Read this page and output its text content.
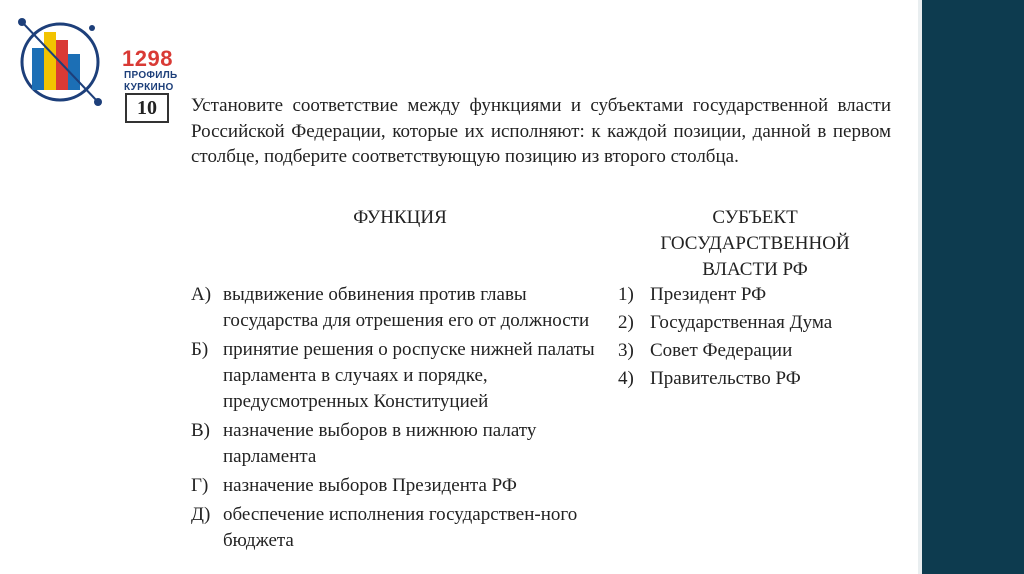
1298
ПРОФИЛЬ
КУРКИНО
10	Установите соответствие между функциями и субъектами государственной власти Российской Федерации, которые их исполняют: к каждой позиции, данной в первом столбце, подберите соответствующую позицию из второго столбца.
ФУНКЦИЯ	СУБЪЕКТ
ГОСУДАРСТВЕННОЙ
ВЛАСТИ РФ
А) выдвижение обвинения против главы государства для отрешения его от должности
Б) принятие решения о роспуске нижней палаты парламента в случаях и порядке, предусмотренных Конституцией
В) назначение выборов в нижнюю палату парламента
Г) назначение выборов Президента РФ
Д) обеспечение исполнения государствен-ного бюджета
1) Президент РФ
2) Государственная Дума
3) Совет Федерации
4) Правительство РФ
